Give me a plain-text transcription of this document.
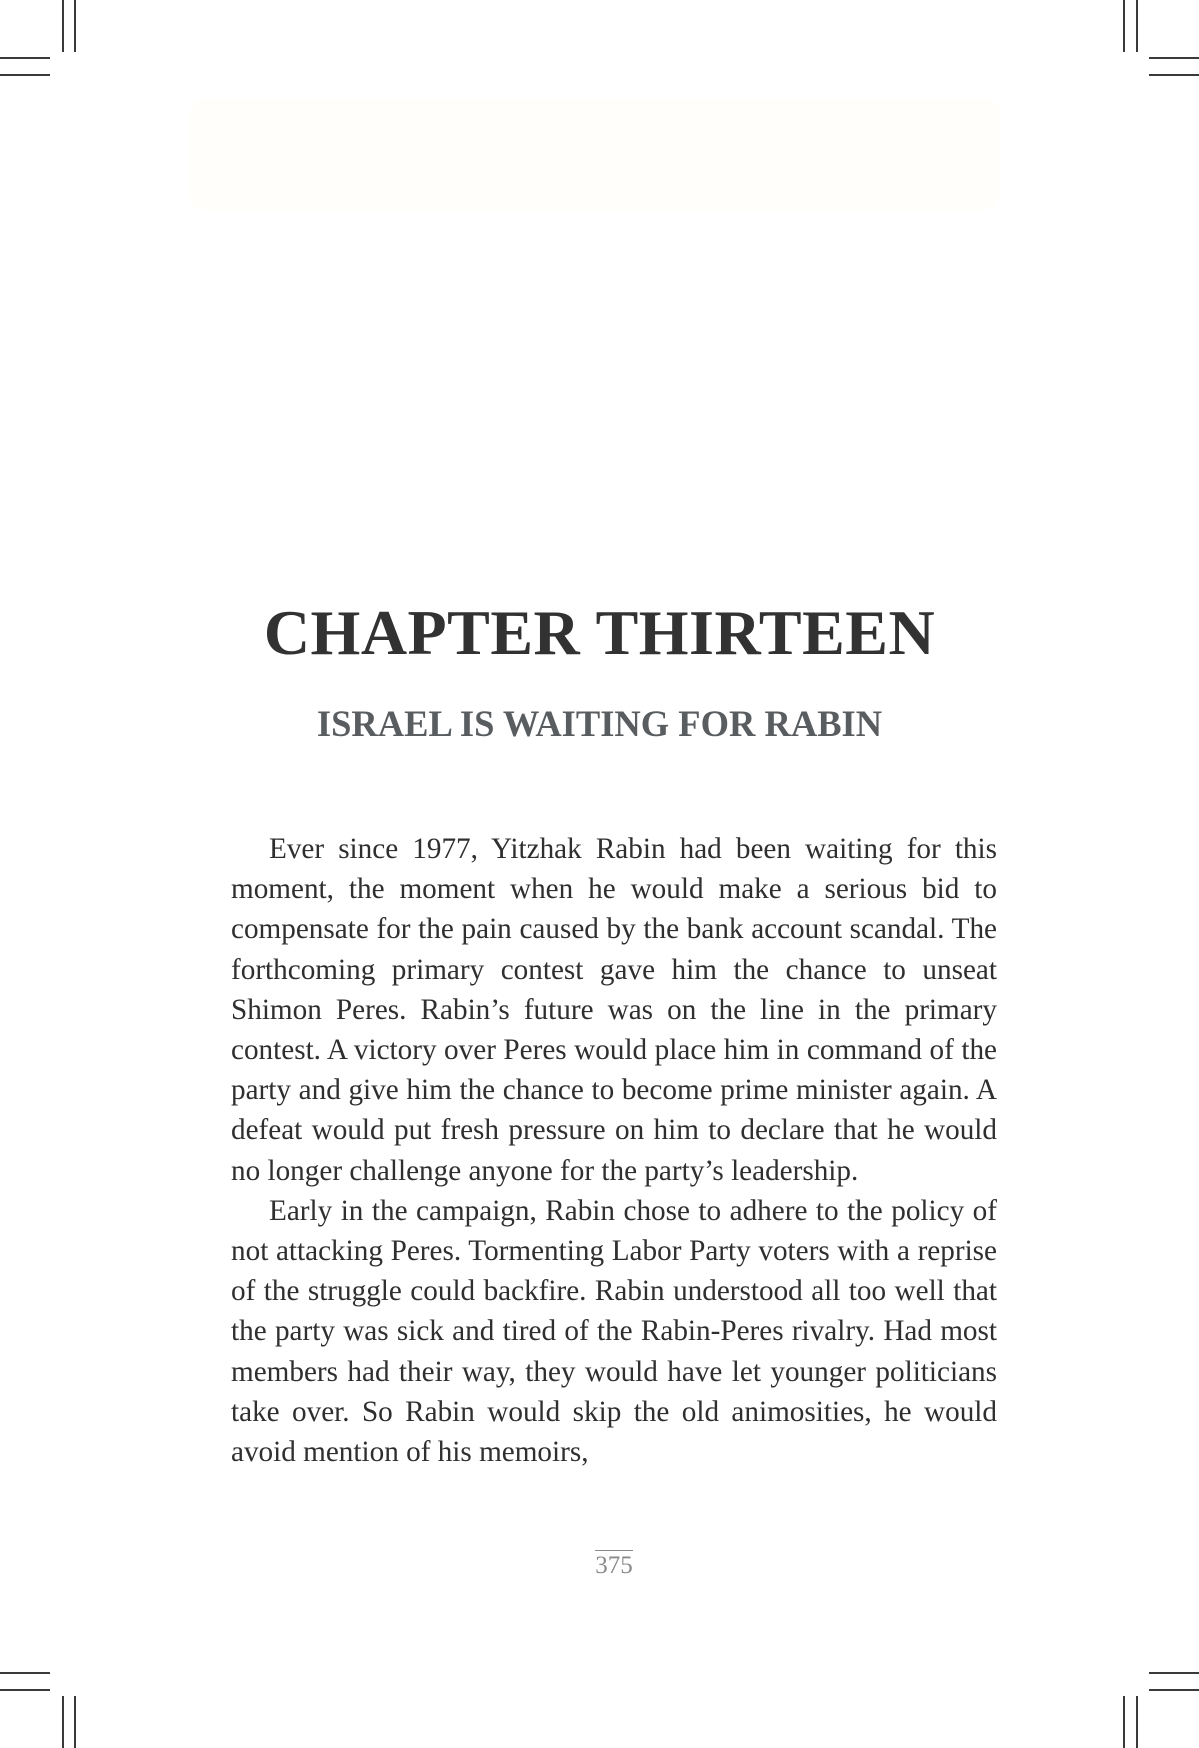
CHAPTER THIRTEEN
ISRAEL IS WAITING FOR RABIN

Ever since 1977, Yitzhak Rabin had been waiting for this moment, the moment when he would make a serious bid to compensate for the pain caused by the bank account scandal. The forthcoming primary contest gave him the chance to unseat Shimon Peres. Rabin’s future was on the line in the primary contest. A victory over Peres would place him in command of the party and give him the chance to become prime minister again. A defeat would put fresh pressure on him to declare that he would no longer challenge anyone for the party’s leadership.

Early in the campaign, Rabin chose to adhere to the policy of not attacking Peres. Tormenting Labor Party voters with a reprise of the struggle could backfire. Rabin understood all too well that the party was sick and tired of the Rabin-Peres rivalry. Had most members had their way, they would have let younger politicians take over. So Rabin would skip the old animosities, he would avoid mention of his memoirs,

375
